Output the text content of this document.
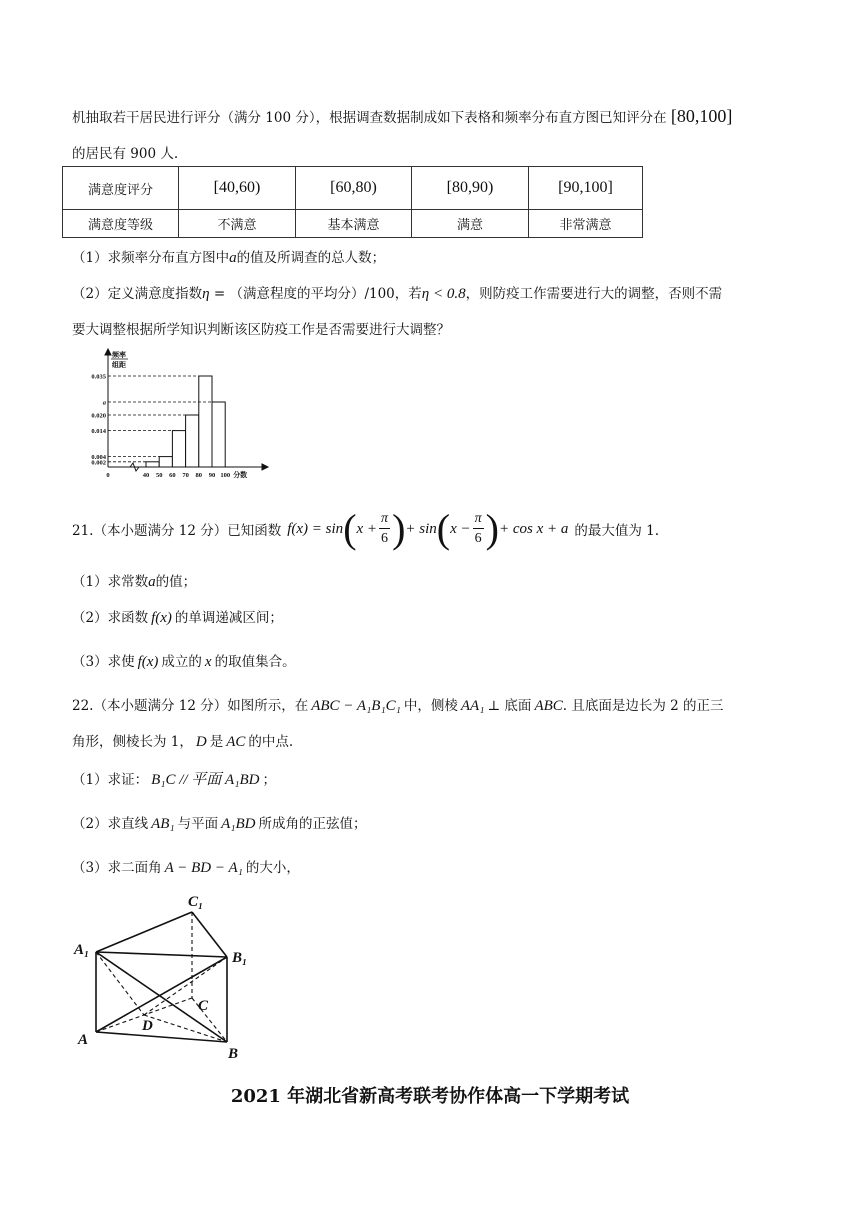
机抽取若干居民进行评分（满分 100 分），根据调查数据制成如下表格和频率分布直方图已知评分在 [80,100]
的居民有 900 人.
满意度评分	[40,60)	[60,80)	[80,90)	[90,100]
满意度等级	不满意	基本满意	满意	非常满意
（1）求频率分布直方图中a的值及所调查的总人数；
（2）定义满意度指数η = （满意程度的平均分）/100，若η < 0.8，则防疫工作需要进行大的调整，否则不需
要大调整根据所学知识判断该区防疫工作是否需要进行大调整？
0.035
a
0.020
0.014
0.004
0.002
0	40 50 60 70 80 90 100 分数
频率
组距
21.（本小题满分 12 分）已知函数 f(x) = sin ( $x + \frac{\pi}{6}$ ) + sin ( $x - \frac{\pi}{6}$ ) + cos x + a 的最大值为 1.
（1）求常数a的值；
（2）求函数 f(x) 的单调递减区间；
（3）求使 f(x) 成立的 x 的取值集合。
22.（本小题满分 12 分）如图所示，在 ABC − A₁B₁C₁ 中，侧棱 AA₁ ⊥ 底面 ABC. 且底面是边长为 2 的正三
角形，侧棱长为 1， D 是 AC 的中点.
（1）求证： B₁C // 平面 A₁BD ；
（2）求直线 AB₁ 与平面 A₁BD 所成角的正弦值；
（3）求二面角 A − BD − A₁ 的大小，
C₁
A₁	B₁
C
D
A
B
2021 年湖北省新高考联考协作体高一下学期考试
